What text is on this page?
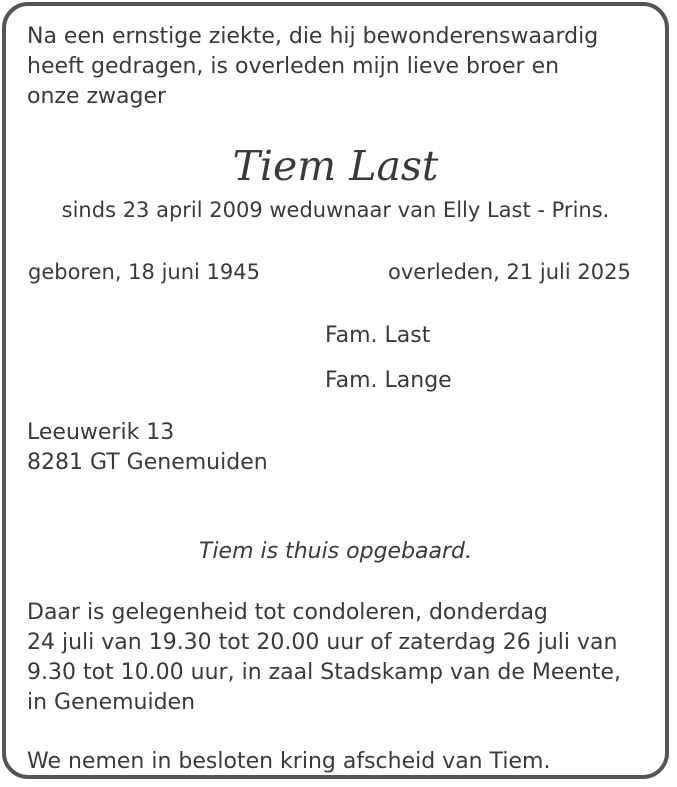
Na een ernstige ziekte, die hij bewonderenswaardig
heeft gedragen, is overleden mijn lieve broer en
onze zwager
Tiem Last
sinds 23 april 2009 weduwnaar van Elly Last - Prins.
geboren, 18 juni 1945	overleden, 21 juli 2025
Fam. Last
Fam. Lange
Leeuwerik 13
8281 GT Genemuiden
Tiem is thuis opgebaard.
Daar is gelegenheid tot condoleren, donderdag
24 juli van 19.30 tot 20.00 uur of zaterdag 26 juli van
9.30 tot 10.00 uur, in zaal Stadskamp van de Meente,
in Genemuiden
We nemen in besloten kring afscheid van Tiem.
